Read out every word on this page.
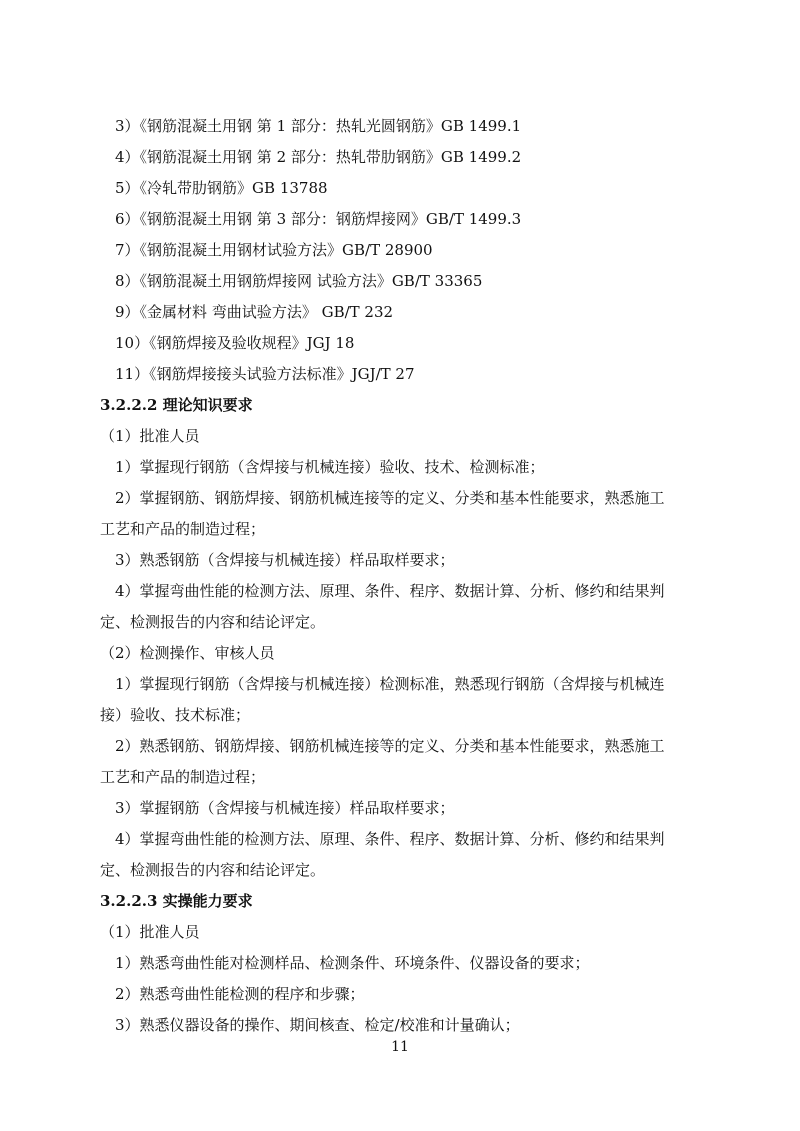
3）《钢筋混凝土用钢 第 1 部分：热轧光圆钢筋》GB 1499.1
4）《钢筋混凝土用钢 第 2 部分：热轧带肋钢筋》GB 1499.2
5）《冷轧带肋钢筋》GB 13788
6）《钢筋混凝土用钢 第 3 部分：钢筋焊接网》GB/T 1499.3
7）《钢筋混凝土用钢材试验方法》GB/T 28900
8）《钢筋混凝土用钢筋焊接网 试验方法》GB/T 33365
9）《金属材料 弯曲试验方法》 GB/T 232
10）《钢筋焊接及验收规程》JGJ 18
11）《钢筋焊接接头试验方法标准》JGJ/T 27
3.2.2.2 理论知识要求
（1）批准人员
1）掌握现行钢筋（含焊接与机械连接）验收、技术、检测标准；
2）掌握钢筋、钢筋焊接、钢筋机械连接等的定义、分类和基本性能要求，熟悉施工
工艺和产品的制造过程；
3）熟悉钢筋（含焊接与机械连接）样品取样要求；
4）掌握弯曲性能的检测方法、原理、条件、程序、数据计算、分析、修约和结果判
定、检测报告的内容和结论评定。
（2）检测操作、审核人员
1）掌握现行钢筋（含焊接与机械连接）检测标准，熟悉现行钢筋（含焊接与机械连
接）验收、技术标准；
2）熟悉钢筋、钢筋焊接、钢筋机械连接等的定义、分类和基本性能要求，熟悉施工
工艺和产品的制造过程；
3）掌握钢筋（含焊接与机械连接）样品取样要求；
4）掌握弯曲性能的检测方法、原理、条件、程序、数据计算、分析、修约和结果判
定、检测报告的内容和结论评定。
3.2.2.3 实操能力要求
（1）批准人员
1）熟悉弯曲性能对检测样品、检测条件、环境条件、仪器设备的要求；
2）熟悉弯曲性能检测的程序和步骤；
3）熟悉仪器设备的操作、期间核查、检定/校准和计量确认；
11
